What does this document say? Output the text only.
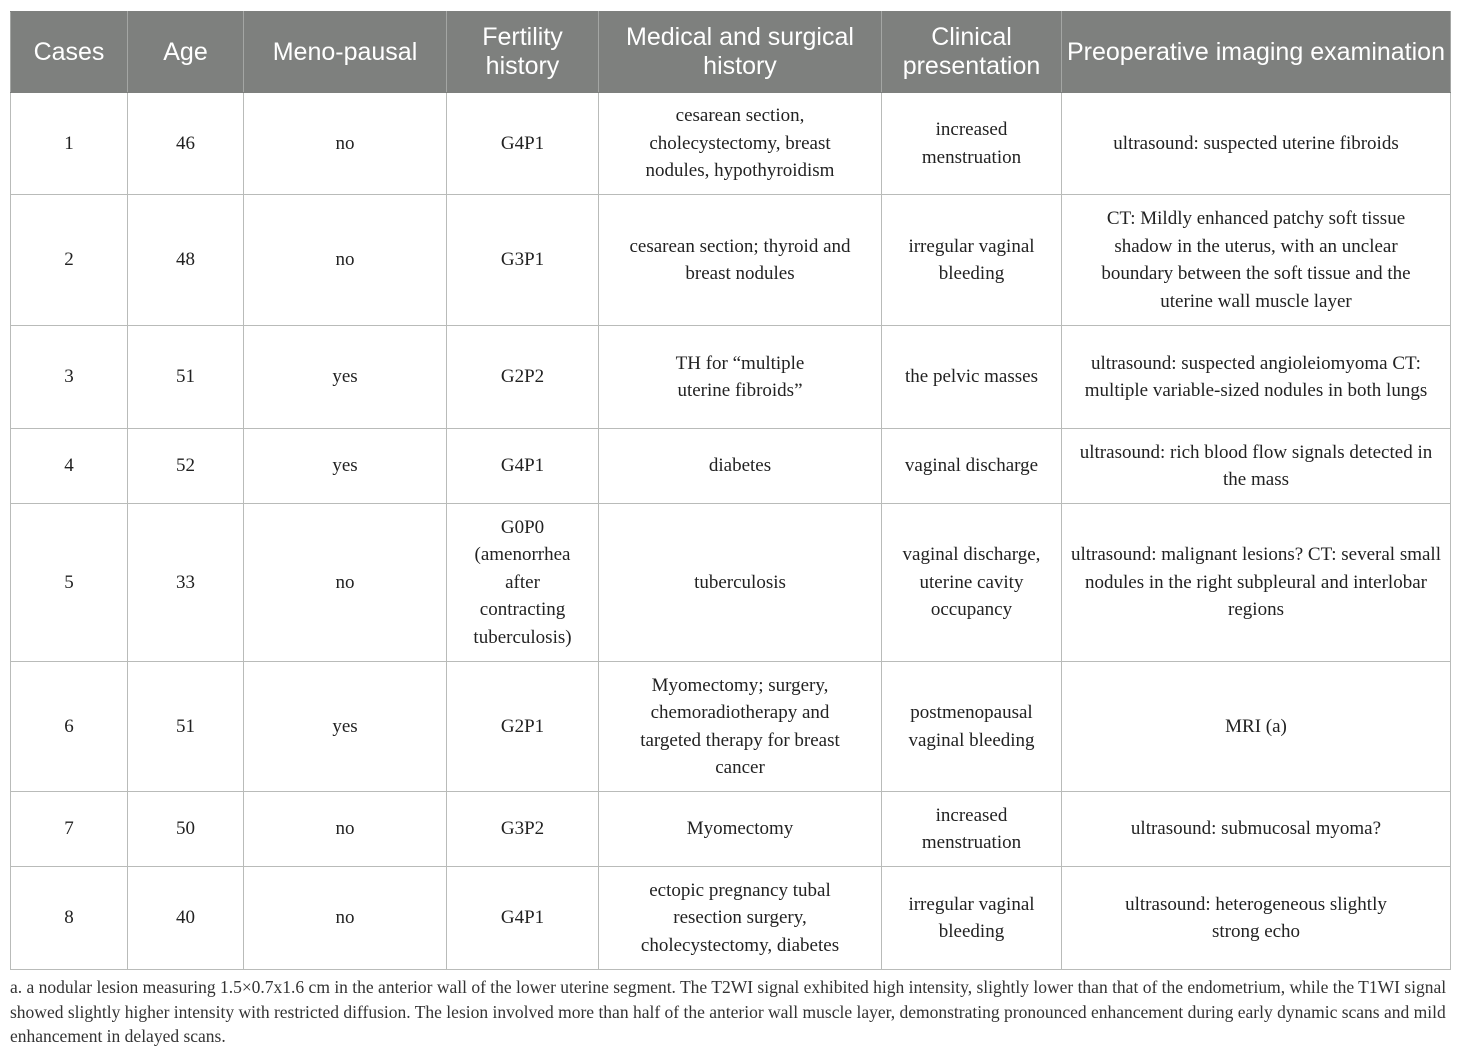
Cases	Age	Meno-pausal	Fertility history	Medical and surgical history	Clinical presentation	Preoperative imaging examination
1	46	no	G4P1	cesarean section, cholecystectomy, breast nodules, hypothyroidism	increased menstruation	ultrasound: suspected uterine fibroids
2	48	no	G3P1	cesarean section; thyroid and breast nodules	irregular vaginal bleeding	CT: Mildly enhanced patchy soft tissue shadow in the uterus, with an unclear boundary between the soft tissue and the uterine wall muscle layer
3	51	yes	G2P2	TH for “multiple uterine fibroids”	the pelvic masses	ultrasound: suspected angioleiomyoma CT: multiple variable-sized nodules in both lungs
4	52	yes	G4P1	diabetes	vaginal discharge	ultrasound: rich blood flow signals detected in the mass
5	33	no	G0P0 (amenorrhea after contracting tuberculosis)	tuberculosis	vaginal discharge, uterine cavity occupancy	ultrasound: malignant lesions? CT: several small nodules in the right subpleural and interlobar regions
6	51	yes	G2P1	Myomectomy; surgery, chemoradiotherapy and targeted therapy for breast cancer	postmenopausal vaginal bleeding	MRI (a)
7	50	no	G3P2	Myomectomy	increased menstruation	ultrasound: submucosal myoma?
8	40	no	G4P1	ectopic pregnancy tubal resection surgery, cholecystectomy, diabetes	irregular vaginal bleeding	ultrasound: heterogeneous slightly strong echo

a. a nodular lesion measuring 1.5×0.7x1.6 cm in the anterior wall of the lower uterine segment. The T2WI signal exhibited high intensity, slightly lower than that of the endometrium, while the T1WI signal showed slightly higher intensity with restricted diffusion. The lesion involved more than half of the anterior wall muscle layer, demonstrating pronounced enhancement during early dynamic scans and mild enhancement in delayed scans.
